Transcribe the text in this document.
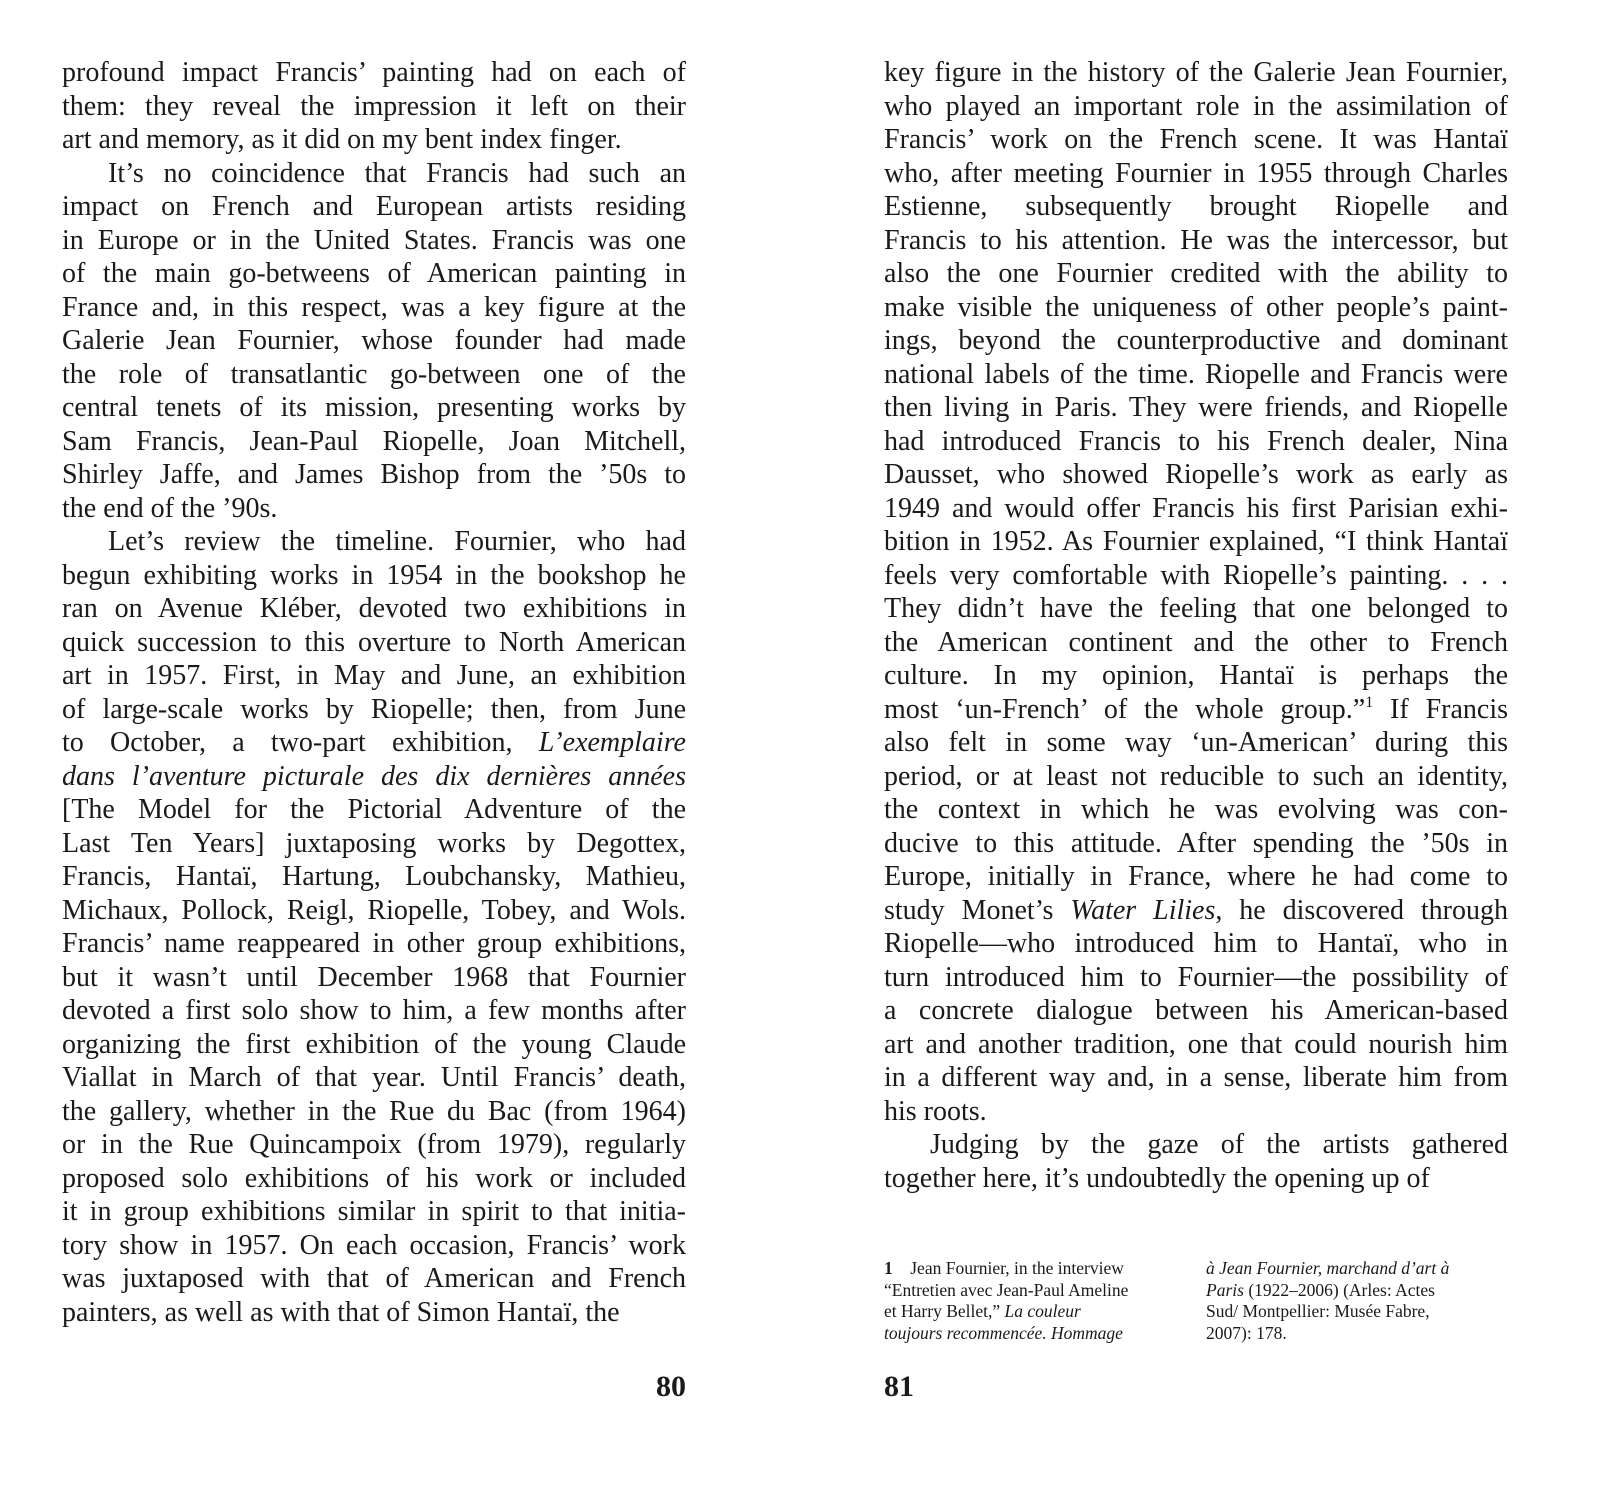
profound impact Francis’ painting had on each of
them: they reveal the impression it left on their
art and memory, as it did on my bent index finger.
It’s no coincidence that Francis had such an
impact on French and European artists residing
in Europe or in the United States. Francis was one
of the main go-betweens of American painting in
France and, in this respect, was a key figure at the
Galerie Jean Fournier, whose founder had made
the role of transatlantic go-between one of the
central tenets of its mission, presenting works by
Sam Francis, Jean-Paul Riopelle, Joan Mitchell,
Shirley Jaffe, and James Bishop from the ’50s to
the end of the ’90s.
Let’s review the timeline. Fournier, who had
begun exhibiting works in 1954 in the bookshop he
ran on Avenue Kléber, devoted two exhibitions in
quick succession to this overture to North American
art in 1957. First, in May and June, an exhibition
of large-scale works by Riopelle; then, from June
to October, a two-part exhibition, L’exemplaire
dans l’aventure picturale des dix dernières années
[The Model for the Pictorial Adventure of the
Last Ten Years] juxtaposing works by Degottex,
Francis, Hantaï, Hartung, Loubchansky, Mathieu,
Michaux, Pollock, Reigl, Riopelle, Tobey, and Wols.
Francis’ name reappeared in other group exhibitions,
but it wasn’t until December 1968 that Fournier
devoted a first solo show to him, a few months after
organizing the first exhibition of the young Claude
Viallat in March of that year. Until Francis’ death,
the gallery, whether in the Rue du Bac (from 1964)
or in the Rue Quincampoix (from 1979), regularly
proposed solo exhibitions of his work or included
it in group exhibitions similar in spirit to that initia-
tory show in 1957. On each occasion, Francis’ work
was juxtaposed with that of American and French
painters, as well as with that of Simon Hantaï, the
key figure in the history of the Galerie Jean Fournier,
who played an important role in the assimilation of
Francis’ work on the French scene. It was Hantaï
who, after meeting Fournier in 1955 through Charles
Estienne, subsequently brought Riopelle and
Francis to his attention. He was the intercessor, but
also the one Fournier credited with the ability to
make visible the uniqueness of other people’s paint-
ings, beyond the counterproductive and dominant
national labels of the time. Riopelle and Francis were
then living in Paris. They were friends, and Riopelle
had introduced Francis to his French dealer, Nina
Dausset, who showed Riopelle’s work as early as
1949 and would offer Francis his first Parisian exhi-
bition in 1952. As Fournier explained, “I think Hantaï
feels very comfortable with Riopelle’s painting. . . .
They didn’t have the feeling that one belonged to
the American continent and the other to French
culture. In my opinion, Hantaï is perhaps the
most ‘un-French’ of the whole group.”$^1$ If Francis
also felt in some way ‘un-American’ during this
period, or at least not reducible to such an identity,
the context in which he was evolving was con-
ducive to this attitude. After spending the ’50s in
Europe, initially in France, where he had come to
study Monet’s Water Lilies, he discovered through
Riopelle—who introduced him to Hantaï, who in
turn introduced him to Fournier—the possibility of
a concrete dialogue between his American-based
art and another tradition, one that could nourish him
in a different way and, in a sense, liberate him from
his roots.
Judging by the gaze of the artists gathered
together here, it’s undoubtedly the opening up of
1    Jean Fournier, in the interview
“Entretien avec Jean-Paul Ameline
et Harry Bellet,” La couleur
toujours recommencée. Hommage
à Jean Fournier, marchand d’art à
Paris (1922–2006) (Arles: Actes
Sud/ Montpellier: Musée Fabre,
2007): 178.
80	81
